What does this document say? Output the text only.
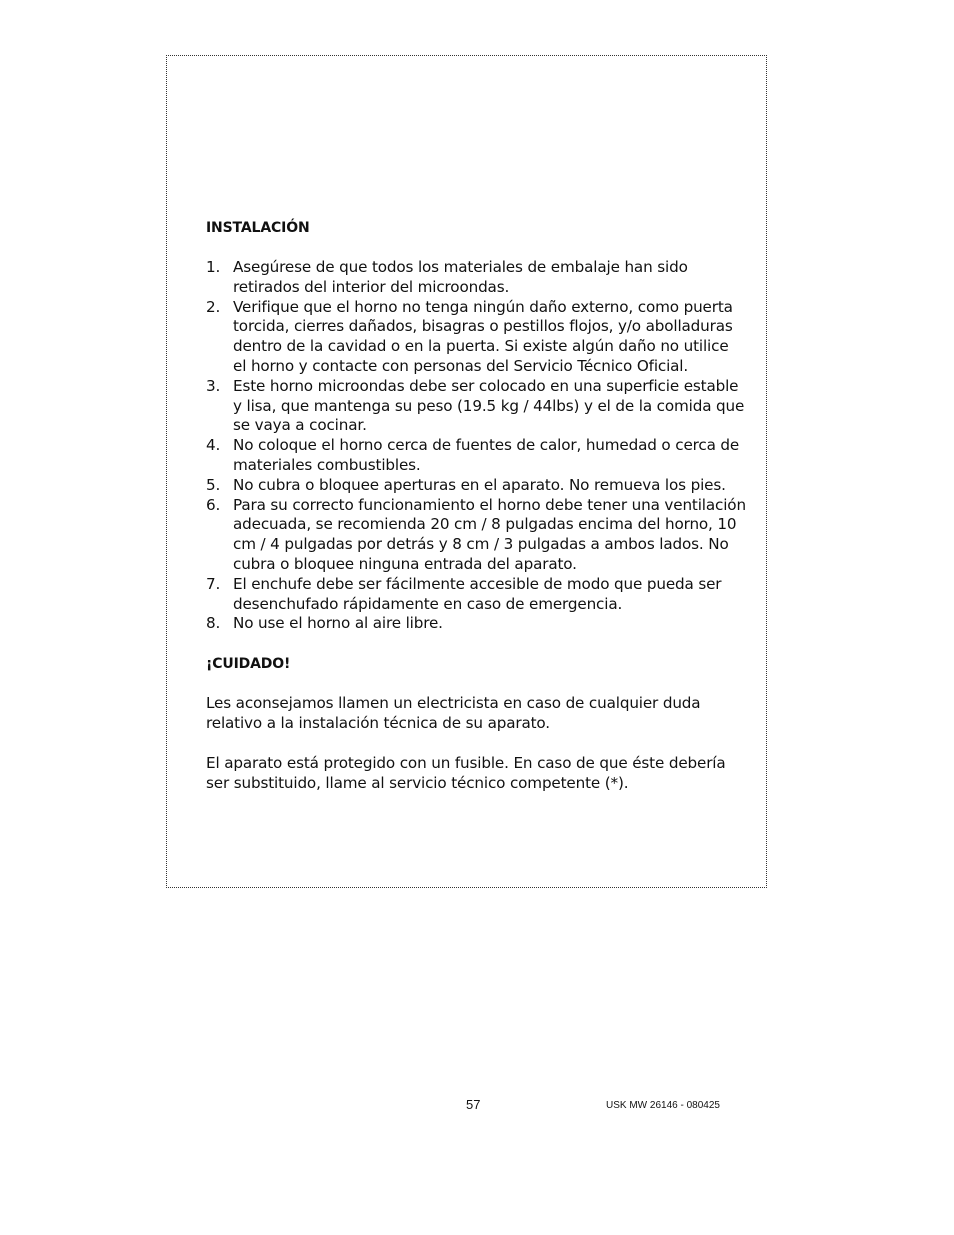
INSTALACIÓN

1. Asegúrese de que todos los materiales de embalaje han sido retirados del interior del microondas.
2. Verifique que el horno no tenga ningún daño externo, como puerta torcida, cierres dañados, bisagras o pestillos flojos, y/o abolladuras dentro de la cavidad o en la puerta. Si existe algún daño no utilice el horno y contacte con personas del Servicio Técnico Oficial.
3. Este horno microondas debe ser colocado en una superficie estable y lisa, que mantenga su peso (19.5 kg / 44lbs) y el de la comida que se vaya a cocinar.
4. No coloque el horno cerca de fuentes de calor, humedad o cerca de materiales combustibles.
5. No cubra o bloquee aperturas en el aparato. No remueva los pies.
6. Para su correcto funcionamiento el horno debe tener una ventilación adecuada, se recomienda 20 cm / 8 pulgadas encima del horno, 10 cm / 4 pulgadas por detrás y 8 cm / 3 pulgadas a ambos lados. No cubra o bloquee ninguna entrada del aparato.
7. El enchufe debe ser fácilmente accesible de modo que pueda ser desenchufado rápidamente en caso de emergencia.
8. No use el horno al aire libre.

¡CUIDADO!

Les aconsejamos llamen un electricista en caso de cualquier duda relativo a la instalación técnica de su aparato.

El aparato está protegido con un fusible. En caso de que éste debería ser substituido, llame al servicio técnico competente (*).

57	USK MW 26146 - 080425
